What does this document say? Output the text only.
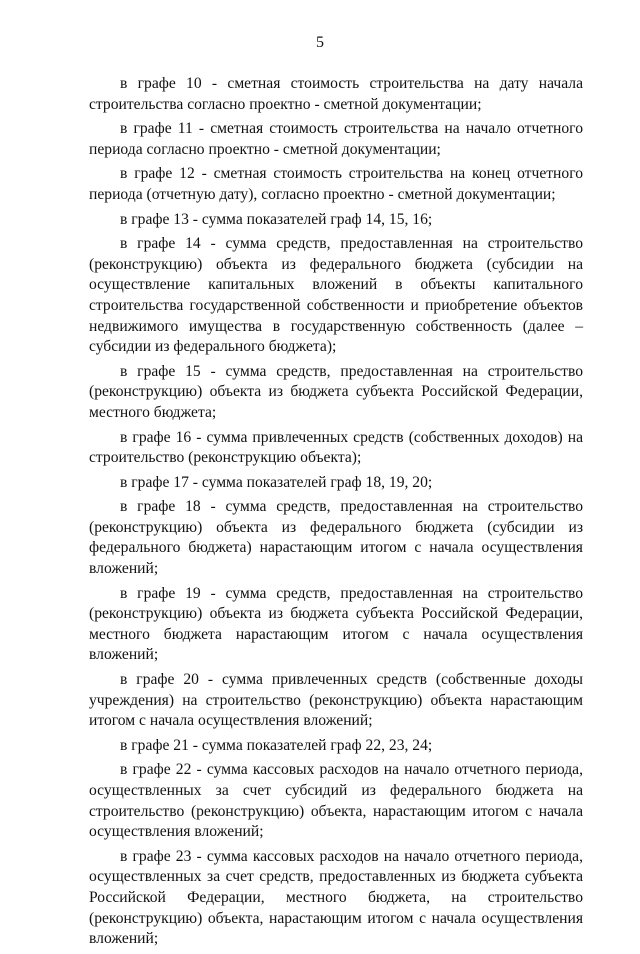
5

в графе 10 - сметная стоимость строительства на дату начала строительства согласно проектно - сметной документации;

в графе 11 - сметная стоимость строительства на начало отчетного периода согласно проектно - сметной документации;

в графе 12 - сметная стоимость строительства на конец отчетного периода (отчетную дату), согласно проектно - сметной документации;

в графе 13 - сумма показателей граф 14, 15, 16;

в графе 14 - сумма средств, предоставленная на строительство (реконструкцию) объекта из федерального бюджета (субсидии на осуществление капитальных вложений в объекты капитального строительства государственной собственности и приобретение объектов недвижимого имущества в государственную собственность (далее – субсидии из федерального бюджета);

в графе 15 - сумма средств, предоставленная на строительство (реконструкцию) объекта из бюджета субъекта Российской Федерации, местного бюджета;

в графе 16 - сумма привлеченных средств (собственных доходов) на строительство (реконструкцию объекта);

в графе 17 - сумма показателей граф 18, 19, 20;

в графе 18 - сумма средств, предоставленная на строительство (реконструкцию) объекта из федерального бюджета (субсидии из федерального бюджета) нарастающим итогом с начала осуществления вложений;

в графе 19 - сумма средств, предоставленная на строительство (реконструкцию) объекта из бюджета субъекта Российской Федерации, местного бюджета нарастающим итогом с начала осуществления вложений;

в графе 20 - сумма привлеченных средств (собственные доходы учреждения) на строительство (реконструкцию) объекта нарастающим итогом с начала осуществления вложений;

в графе 21 - сумма показателей граф 22, 23, 24;

в графе 22 - сумма кассовых расходов на начало отчетного периода, осуществленных за счет субсидий из федерального бюджета на строительство (реконструкцию) объекта, нарастающим итогом с начала осуществления вложений;

в графе 23 - сумма кассовых расходов на начало отчетного периода, осуществленных за счет средств, предоставленных из бюджета субъекта Российской Федерации, местного бюджета, на строительство (реконструкцию) объекта, нарастающим итогом с начала осуществления вложений;
